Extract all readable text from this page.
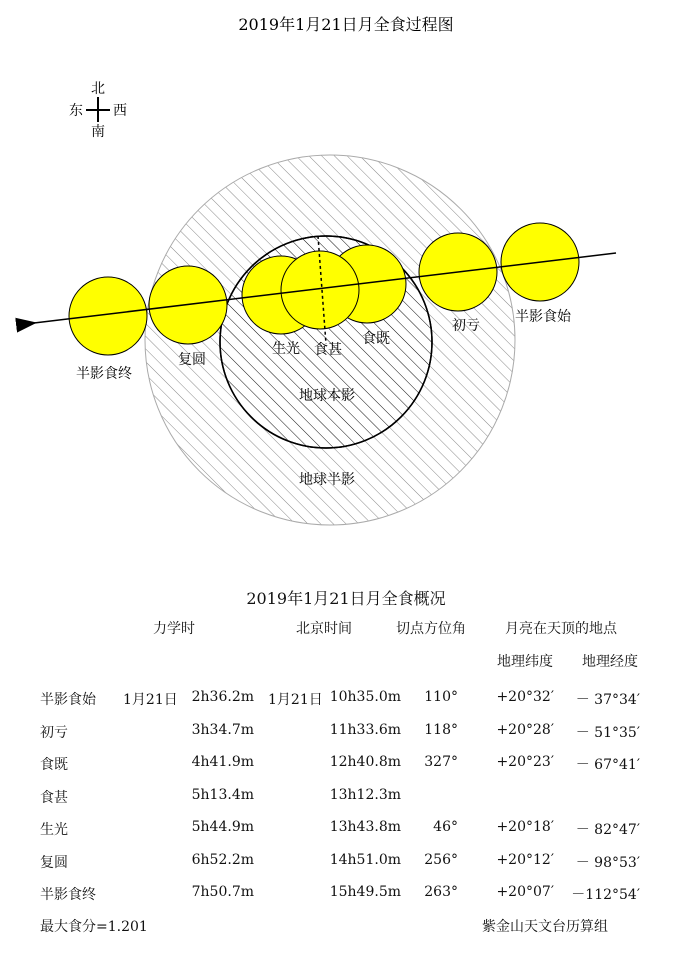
2019年1月21日月全食过程图
北
南
东 西
半影食始
初亏
食既
食甚
生光
复圆
半影食终
地球本影
地球半影
2019年1月21日月全食概况
力学时	北京时间	切点方位角	月亮在天顶的地点
地理纬度 地理经度
半影食始	1月21日 2h36.2m 1月21日 10h35.0m	110°	+20°32′	－ 37°34′
初亏	3h34.7m	11h33.6m	118°	+20°28′	－ 51°35′
食既	4h41.9m	12h40.8m	327°	+20°23′	－ 67°41′
食甚	5h13.4m	13h12.3m
生光	5h44.9m	13h43.8m	46°	+20°18′	－ 82°47′
复圆	6h52.2m	14h51.0m	256°	+20°12′	－ 98°53′
半影食终	7h50.7m	15h49.5m	263°	+20°07′	－112°54′
最大食分=1.201	紫金山天文台历算组
